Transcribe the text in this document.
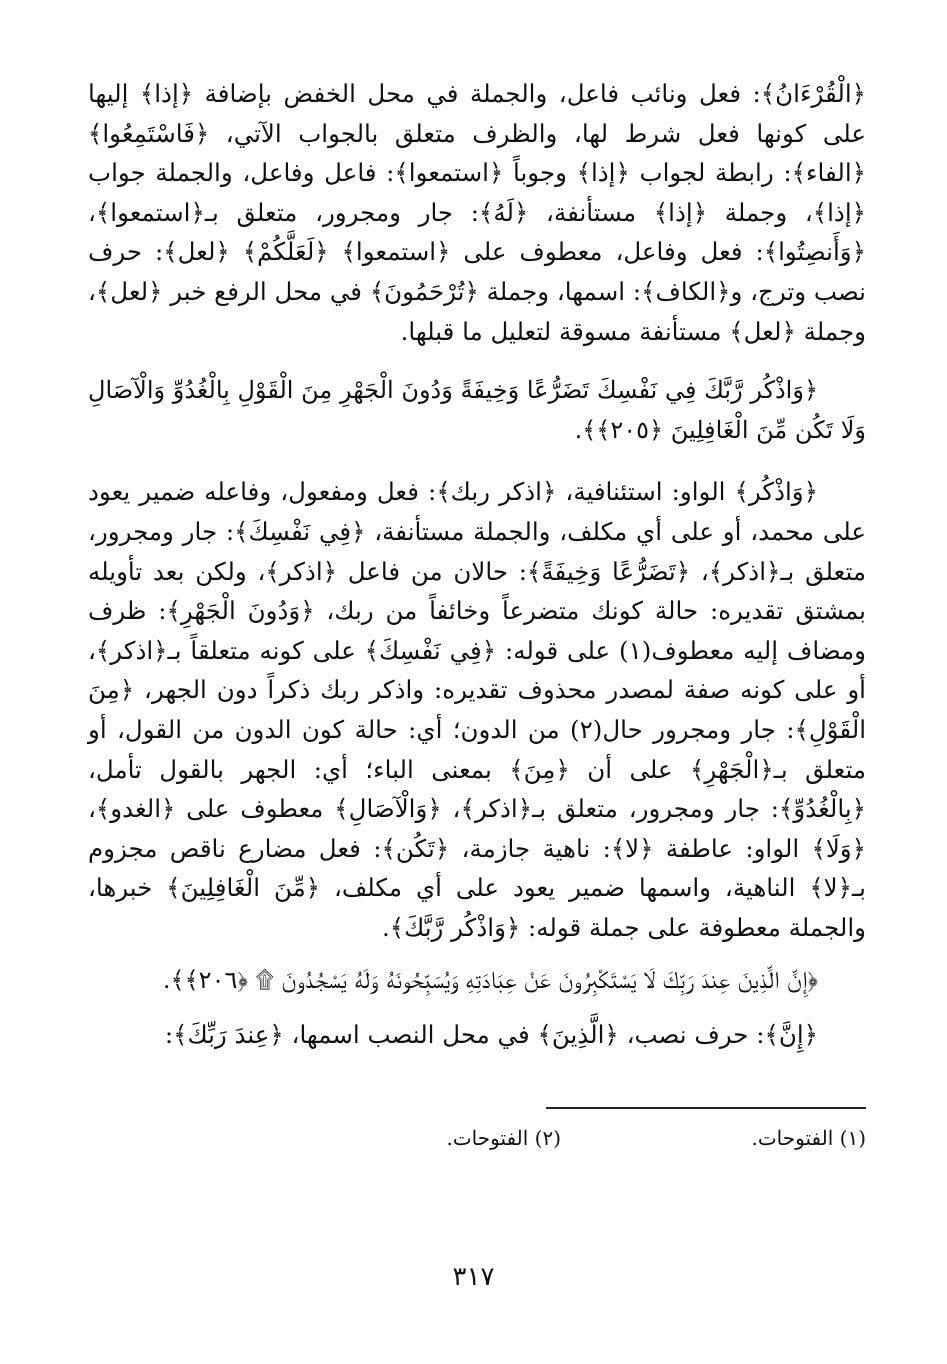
﴿الْقُرْءَانُ﴾: فعل ونائب فاعل، والجملة في محل الخفض بإضافة ﴿إذا﴾ إليها على كونها فعل شرط لها، والظرف متعلق بالجواب الآتي، ﴿فَاسْتَمِعُوا﴾ ﴿الفاء﴾: رابطة لجواب ﴿إذا﴾ وجوباً ﴿استمعوا﴾: فاعل وفاعل، والجملة جواب ﴿إذا﴾، وجملة ﴿إذا﴾ مستأنفة، ﴿لَهُ﴾: جار ومجرور، متعلق بـ﴿استمعوا﴾، ﴿وَأَنصِتُوا﴾: فعل وفاعل، معطوف على ﴿استمعوا﴾ ﴿لَعَلَّكُمْ﴾ ﴿لعل﴾: حرف نصب وترج، و﴿الكاف﴾: اسمها، وجملة ﴿تُرْحَمُونَ﴾ في محل الرفع خبر ﴿لعل﴾، وجملة ﴿لعل﴾ مستأنفة مسوقة لتعليل ما قبلها.

﴿وَاذْكُر رَّبَّكَ فِي نَفْسِكَ تَضَرُّعًا وَخِيفَةً وَدُونَ الْجَهْرِ مِنَ الْقَوْلِ بِالْغُدُوِّ وَالْآصَالِ وَلَا تَكُن مِّنَ الْغَافِلِينَ ﴿٢٠٥﴾﴾.

﴿وَاذْكُر﴾ الواو: استئنافية، ﴿اذكر ربك﴾: فعل ومفعول، وفاعله ضمير يعود على محمد، أو على أي مكلف، والجملة مستأنفة، ﴿فِي نَفْسِكَ﴾: جار ومجرور، متعلق بـ﴿اذكر﴾، ﴿تَضَرُّعًا وَخِيفَةً﴾: حالان من فاعل ﴿اذكر﴾، ولكن بعد تأويله بمشتق تقديره: حالة كونك متضرعاً وخائفاً من ربك، ﴿وَدُونَ الْجَهْرِ﴾: ظرف ومضاف إليه معطوف(١) على قوله: ﴿فِي نَفْسِكَ﴾ على كونه متعلقاً بـ﴿اذكر﴾، أو على كونه صفة لمصدر محذوف تقديره: واذكر ربك ذكراً دون الجهر، ﴿مِنَ الْقَوْلِ﴾: جار ومجرور حال(٢) من الدون؛ أي: حالة كون الدون من القول، أو متعلق بـ﴿الْجَهْرِ﴾ على أن ﴿مِنَ﴾ بمعنى الباء؛ أي: الجهر بالقول تأمل، ﴿بِالْغُدُوِّ﴾: جار ومجرور، متعلق بـ﴿اذكر﴾، ﴿وَالْآصَالِ﴾ معطوف على ﴿الغدو﴾، ﴿وَلَا﴾ الواو: عاطفة ﴿لا﴾: ناهية جازمة، ﴿تَكُن﴾: فعل مضارع ناقص مجزوم بـ﴿لا﴾ الناهية، واسمها ضمير يعود على أي مكلف، ﴿مِّنَ الْغَافِلِينَ﴾ خبرها، والجملة معطوفة على جملة قوله: ﴿وَاذْكُر رَّبَّكَ﴾.

﴿إِنَّ الَّذِينَ عِندَ رَبِّكَ لَا يَسْتَكْبِرُونَ عَنْ عِبَادَتِهِ وَيُسَبِّحُونَهُ وَلَهُ يَسْجُدُونَ ۩ ﴿٢٠٦﴾﴾.

﴿إِنَّ﴾: حرف نصب، ﴿الَّذِينَ﴾ في محل النصب اسمها، ﴿عِندَ رَبِّكَ﴾:

(١) الفتوحات.
(٢) الفتوحات.
٣١٧
